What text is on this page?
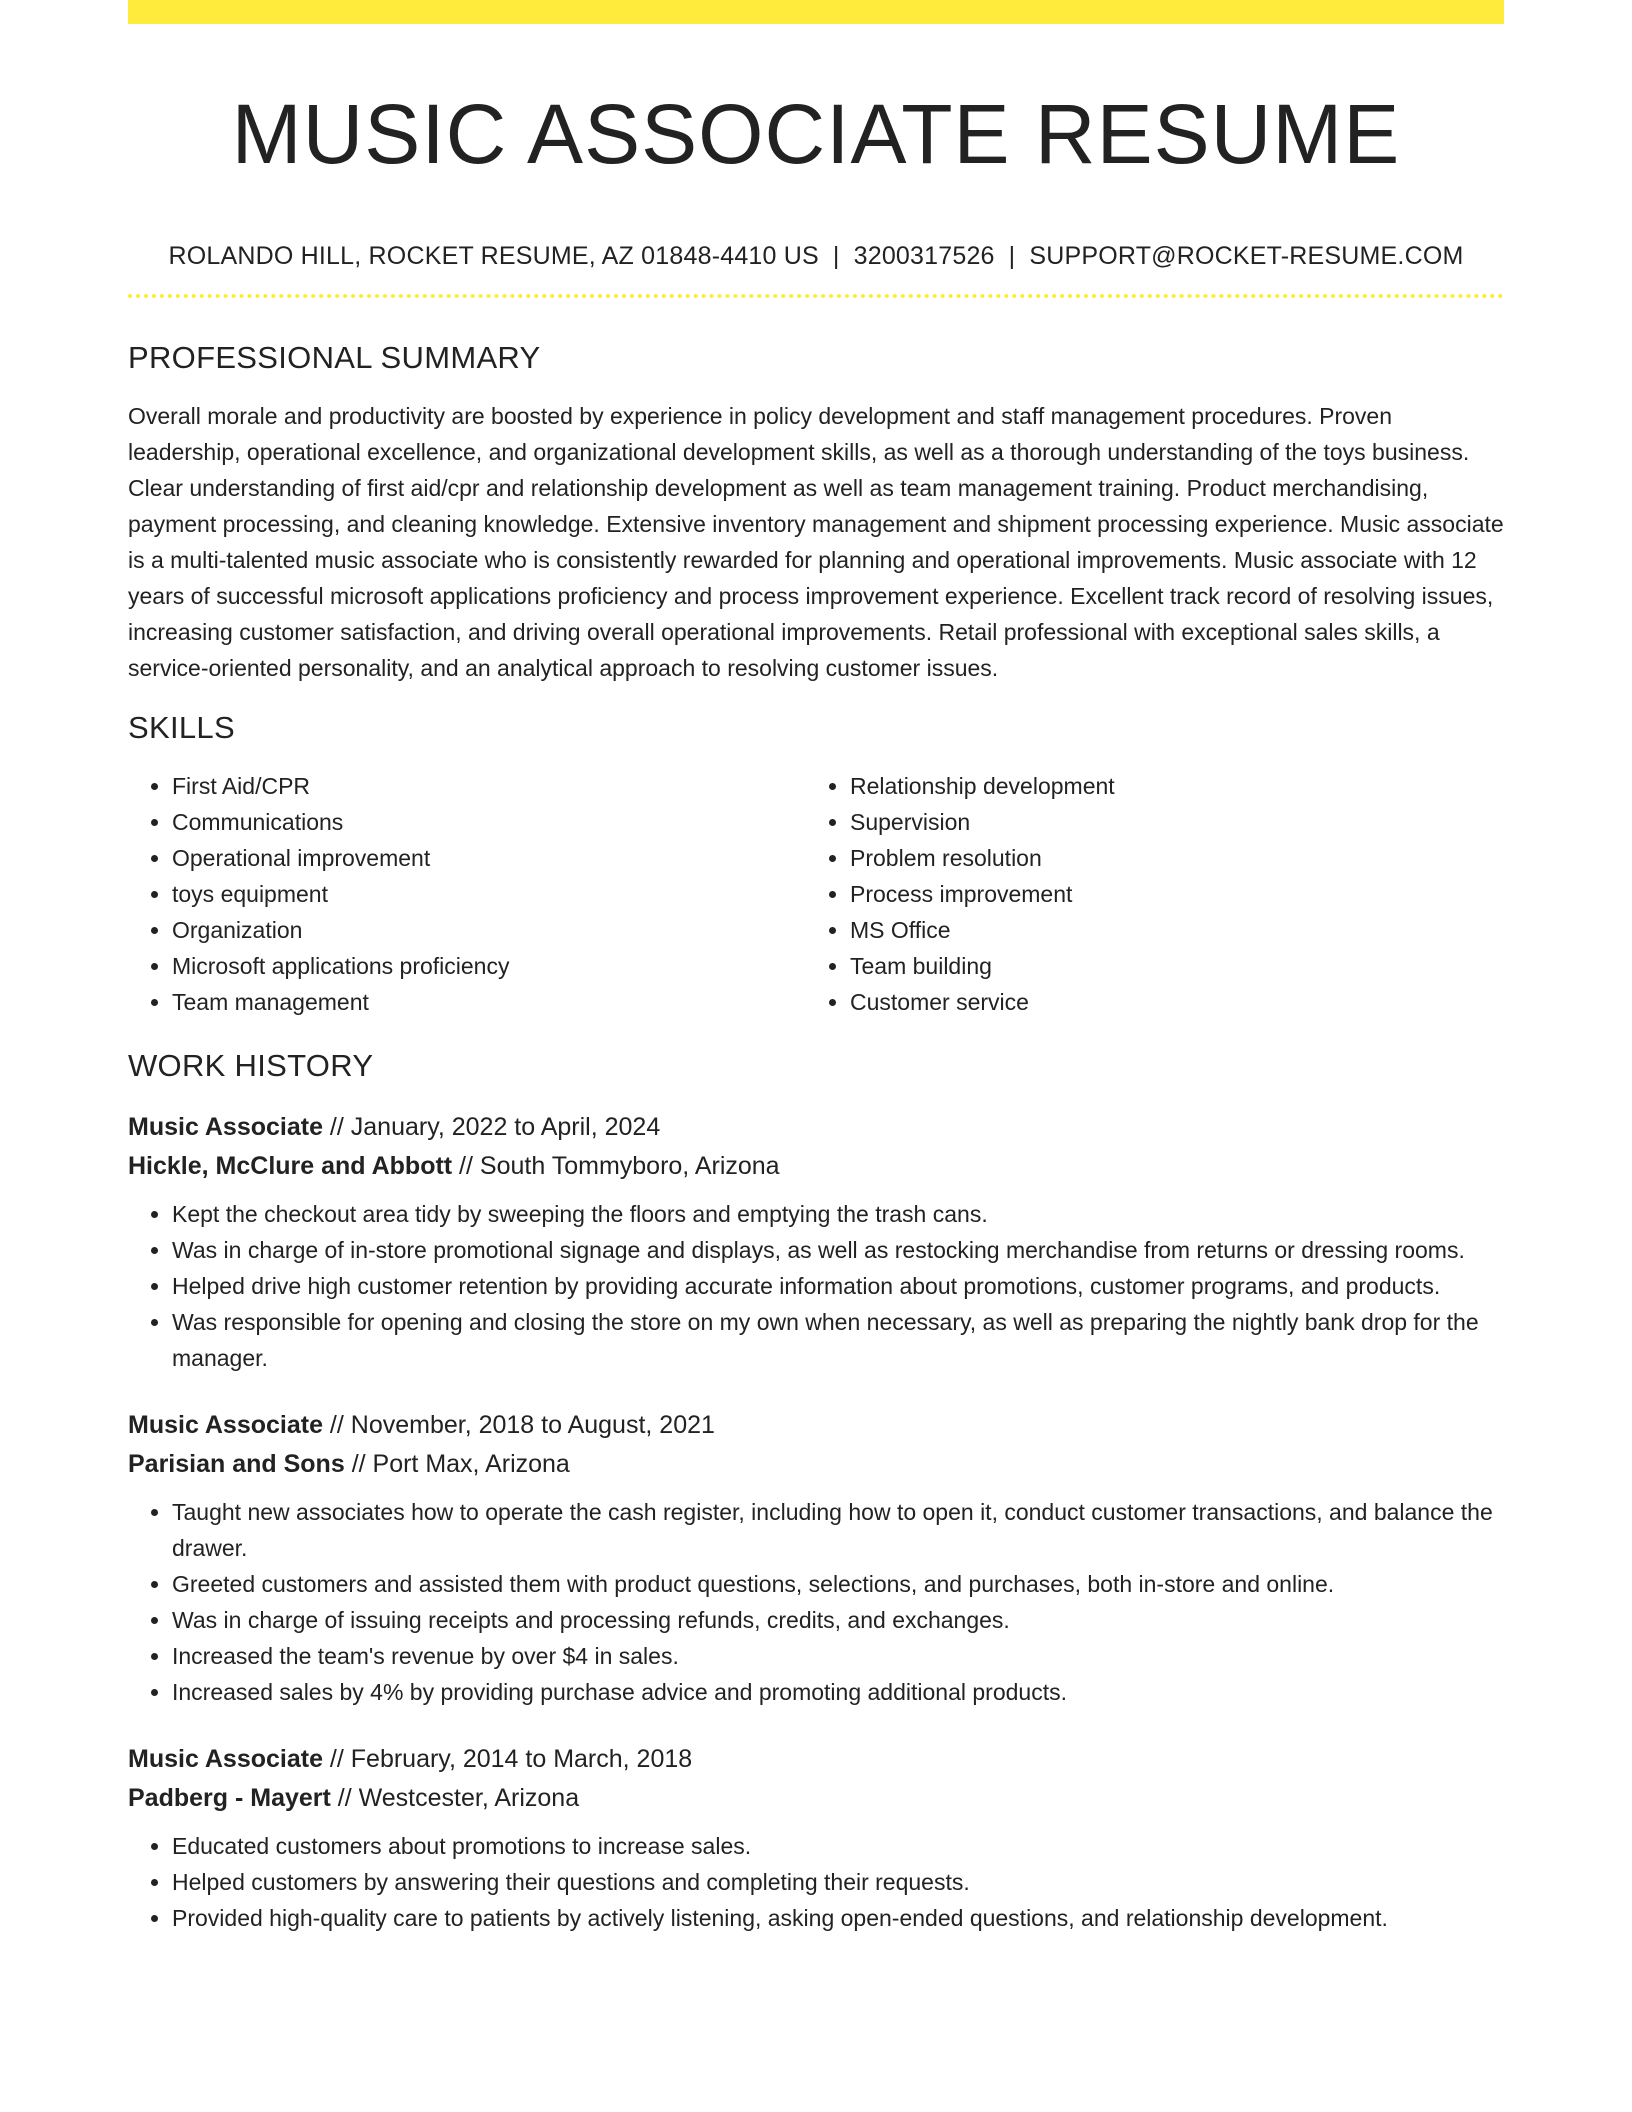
MUSIC ASSOCIATE RESUME
ROLANDO HILL, ROCKET RESUME, AZ 01848-4410 US | 3200317526 | SUPPORT@ROCKET-RESUME.COM
PROFESSIONAL SUMMARY

Overall morale and productivity are boosted by experience in policy development and staff management procedures. Proven leadership, operational excellence, and organizational development skills, as well as a thorough understanding of the toys business. Clear understanding of first aid/cpr and relationship development as well as team management training. Product merchandising, payment processing, and cleaning knowledge. Extensive inventory management and shipment processing experience. Music associate is a multi-talented music associate who is consistently rewarded for planning and operational improvements. Music associate with 12 years of successful microsoft applications proficiency and process improvement experience. Excellent track record of resolving issues, increasing customer satisfaction, and driving overall operational improvements. Retail professional with exceptional sales skills, a service-oriented personality, and an analytical approach to resolving customer issues.

SKILLS
• First Aid/CPR
• Communications
• Operational improvement
• toys equipment
• Organization
• Microsoft applications proficiency
• Team management
• Relationship development
• Supervision
• Problem resolution
• Process improvement
• MS Office
• Team building
• Customer service
WORK HISTORY
Music Associate // January, 2022 to April, 2024
Hickle, McClure and Abbott // South Tommyboro, Arizona
• Kept the checkout area tidy by sweeping the floors and emptying the trash cans.
• Was in charge of in-store promotional signage and displays, as well as restocking merchandise from returns or dressing rooms.
• Helped drive high customer retention by providing accurate information about promotions, customer programs, and products.
• Was responsible for opening and closing the store on my own when necessary, as well as preparing the nightly bank drop for the manager.
Music Associate // November, 2018 to August, 2021
Parisian and Sons // Port Max, Arizona
• Taught new associates how to operate the cash register, including how to open it, conduct customer transactions, and balance the drawer.
• Greeted customers and assisted them with product questions, selections, and purchases, both in-store and online.
• Was in charge of issuing receipts and processing refunds, credits, and exchanges.
• Increased the team's revenue by over $4 in sales.
• Increased sales by 4% by providing purchase advice and promoting additional products.
Music Associate // February, 2014 to March, 2018
Padberg - Mayert // Westcester, Arizona
• Educated customers about promotions to increase sales.
• Helped customers by answering their questions and completing their requests.
• Provided high-quality care to patients by actively listening, asking open-ended questions, and relationship development.
